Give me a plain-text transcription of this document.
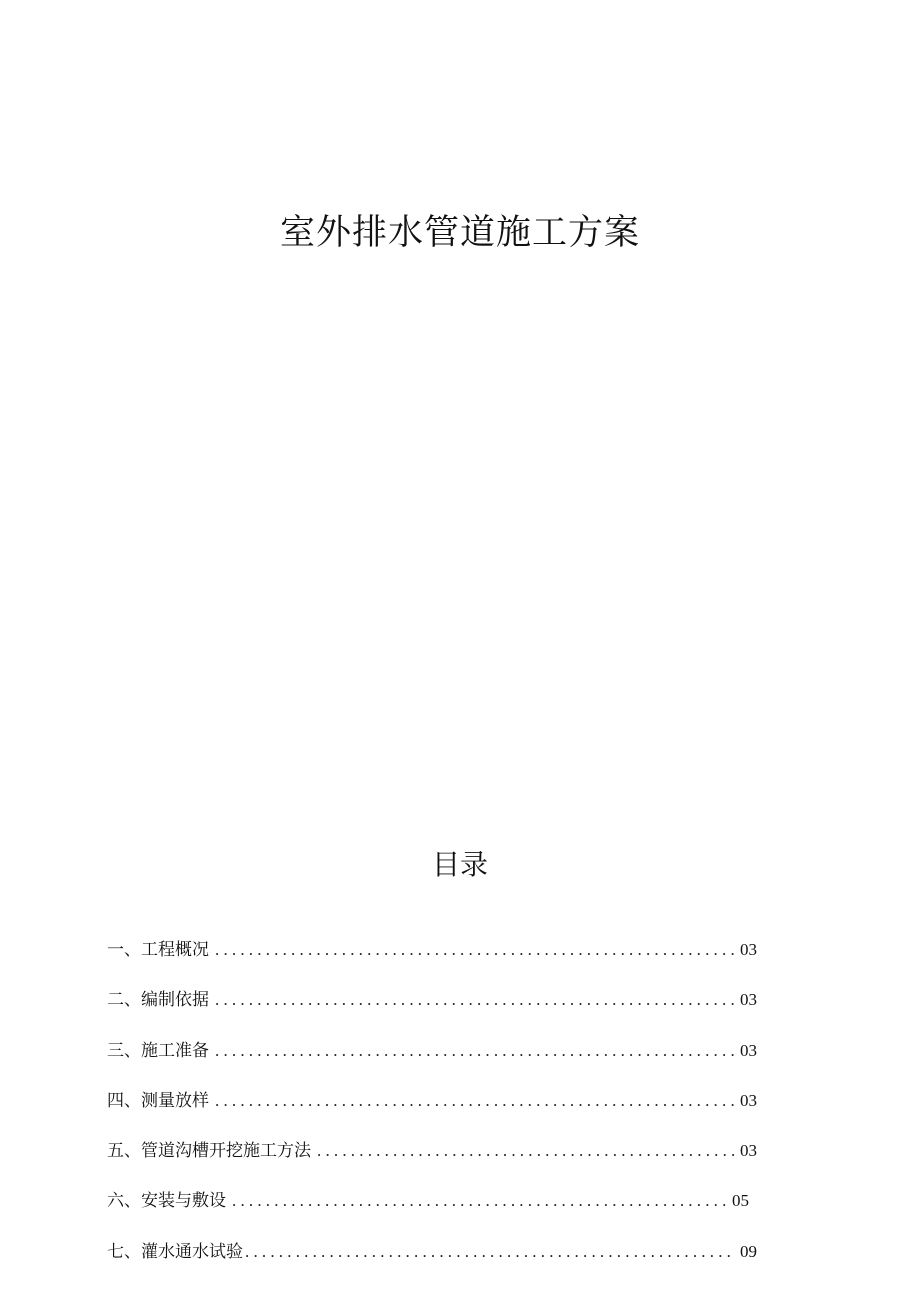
室外排水管道施工方案
目录
一、工程概况 .....	03
二、编制依据 .....	03
三、施工准备 .....	03
四、测量放样 .....	03
五、管道沟槽开挖施工方法 .....	03
六、安装与敷设 .....	05
七、灌水通水试验 .....	09
